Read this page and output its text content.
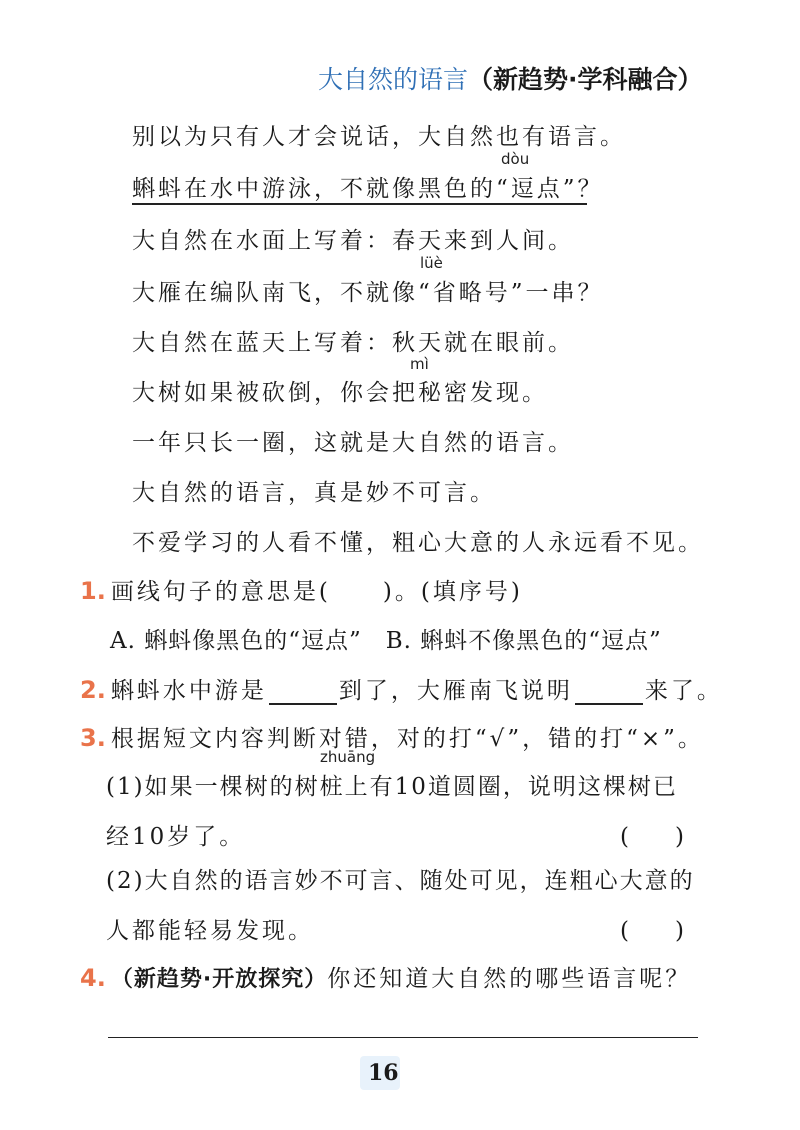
大自然的语言（新趋势·学科融合）
别以为只有人才会说话，大自然也有语言。
dòu
蝌蚪在水中游泳，不就像黑色的“逗点”？
大自然在水面上写着：春天来到人间。
lüè
大雁在编队南飞，不就像“省略号”一串？
大自然在蓝天上写着：秋天就在眼前。
mì
大树如果被砍倒，你会把秘密发现。
一年只长一圈，这就是大自然的语言。
大自然的语言，真是妙不可言。
不爱学习的人看不懂，粗心大意的人永远看不见。
1. 画线句子的意思是(　　)。(填序号)
A. 蝌蚪像黑色的“逗点”　B. 蝌蚪不像黑色的“逗点”
2. 蝌蚪水中游是	到了，大雁南飞说明	来了。
3. 根据短文内容判断对错，对的打“√”，错的打“×”。
zhuāng
(1)如果一棵树的树桩上有10道圆圈，说明这棵树已
经10岁了。	(　　)
(2)大自然的语言妙不可言、随处可见，连粗心大意的
人都能轻易发现。	(　　)
4. （新趋势·开放探究）你还知道大自然的哪些语言呢？
16
